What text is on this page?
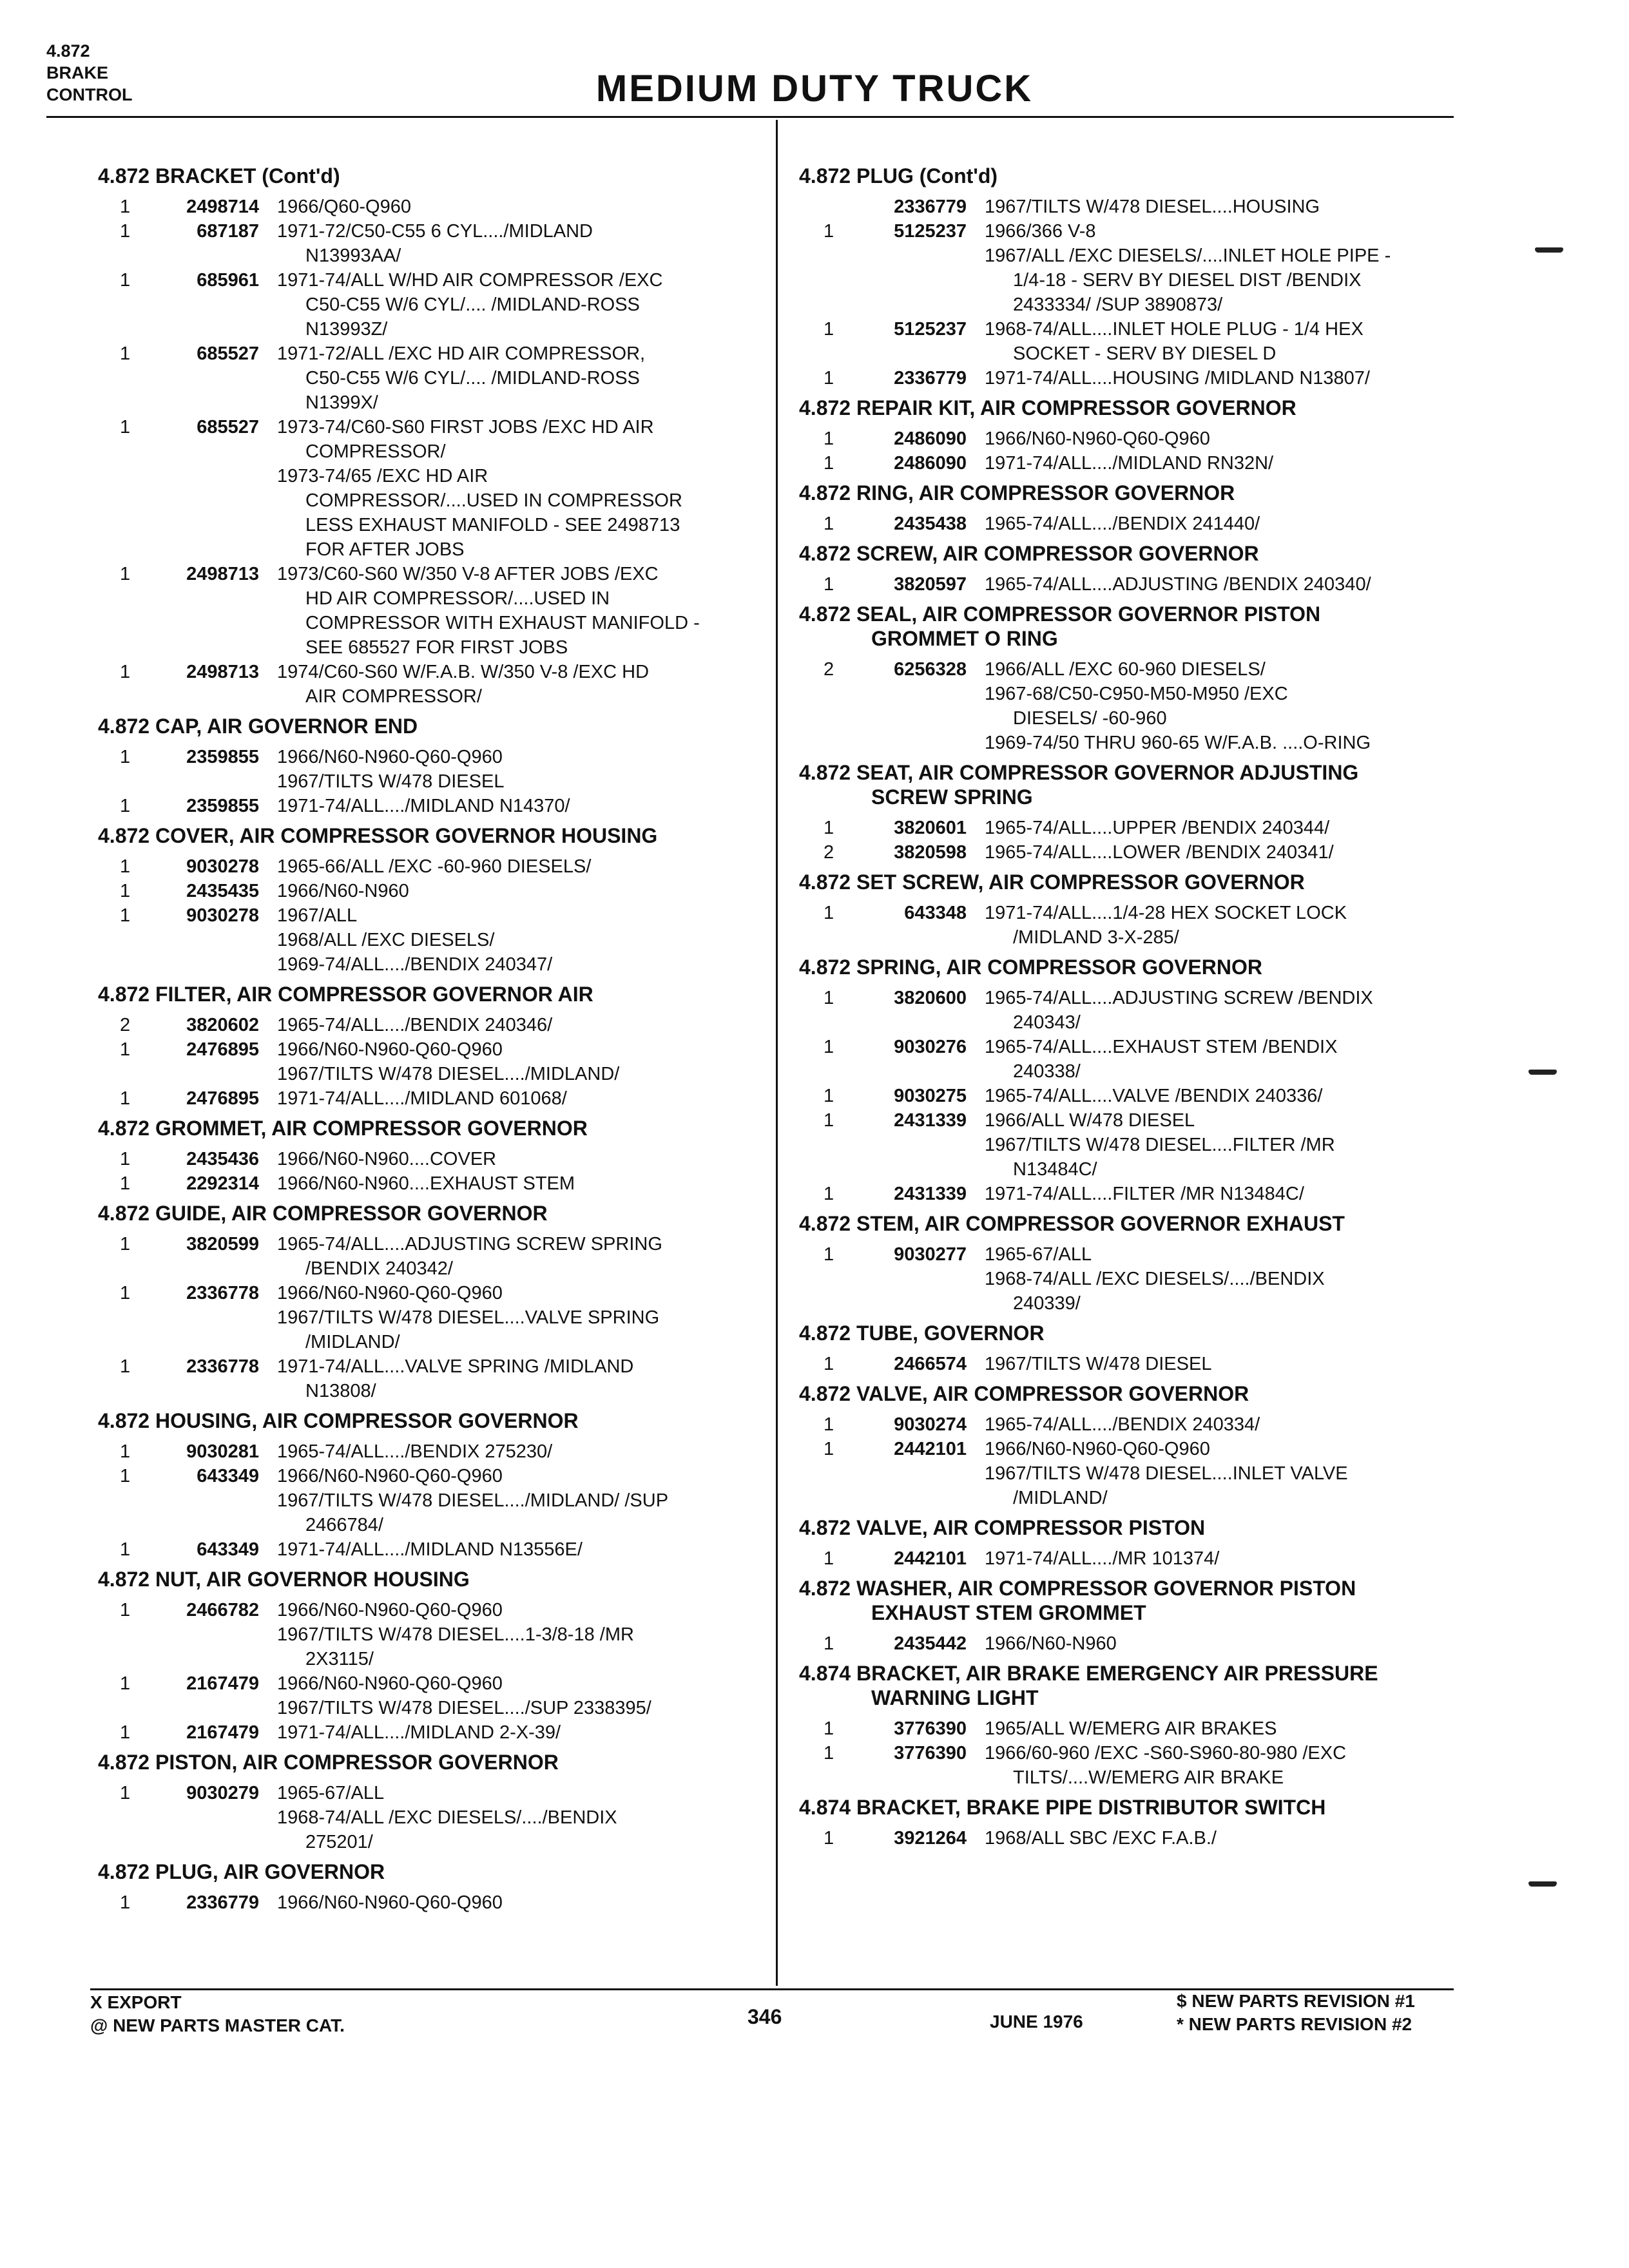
4.872
BRAKE
CONTROL	MEDIUM DUTY TRUCK
4.872 BRACKET (Cont'd)
1	2498714 1966/Q60-Q960
1	687187 1971-72/C50-C55 6 CYL..../MIDLAND
N13993AA/
1	685961 1971-74/ALL W/HD AIR COMPRESSOR /EXC
C50-C55 W/6 CYL/.... /MIDLAND-ROSS
N13993Z/
1	685527 1971-72/ALL /EXC HD AIR COMPRESSOR,
C50-C55 W/6 CYL/.... /MIDLAND-ROSS
N1399X/
1	685527 1973-74/C60-S60 FIRST JOBS /EXC HD AIR
COMPRESSOR/
1973-74/65 /EXC HD AIR
COMPRESSOR/....USED IN COMPRESSOR
LESS EXHAUST MANIFOLD - SEE 2498713
FOR AFTER JOBS
1	2498713 1973/C60-S60 W/350 V-8 AFTER JOBS /EXC
HD AIR COMPRESSOR/....USED IN
COMPRESSOR WITH EXHAUST MANIFOLD -
SEE 685527 FOR FIRST JOBS
1	2498713 1974/C60-S60 W/F.A.B. W/350 V-8 /EXC HD
AIR COMPRESSOR/
4.872 CAP, AIR GOVERNOR END
1	2359855 1966/N60-N960-Q60-Q960
1967/TILTS W/478 DIESEL
1	2359855 1971-74/ALL..../MIDLAND N14370/
4.872 COVER, AIR COMPRESSOR GOVERNOR HOUSING
1	9030278 1965-66/ALL /EXC -60-960 DIESELS/
1	2435435 1966/N60-N960
1	9030278 1967/ALL
1968/ALL /EXC DIESELS/
1969-74/ALL..../BENDIX 240347/
4.872 FILTER, AIR COMPRESSOR GOVERNOR AIR
2	3820602 1965-74/ALL..../BENDIX 240346/
1	2476895 1966/N60-N960-Q60-Q960
1967/TILTS W/478 DIESEL..../MIDLAND/
1	2476895 1971-74/ALL..../MIDLAND 601068/
4.872 GROMMET, AIR COMPRESSOR GOVERNOR
1	2435436 1966/N60-N960....COVER
1	2292314 1966/N60-N960....EXHAUST STEM
4.872 GUIDE, AIR COMPRESSOR GOVERNOR
1	3820599 1965-74/ALL....ADJUSTING SCREW SPRING
/BENDIX 240342/
1	2336778 1966/N60-N960-Q60-Q960
1967/TILTS W/478 DIESEL....VALVE SPRING
/MIDLAND/
1	2336778 1971-74/ALL....VALVE SPRING /MIDLAND
N13808/
4.872 HOUSING, AIR COMPRESSOR GOVERNOR
1	9030281 1965-74/ALL..../BENDIX 275230/
1	643349 1966/N60-N960-Q60-Q960
1967/TILTS W/478 DIESEL..../MIDLAND/ /SUP
2466784/
1	643349 1971-74/ALL..../MIDLAND N13556E/
4.872 NUT, AIR GOVERNOR HOUSING
1	2466782 1966/N60-N960-Q60-Q960
1967/TILTS W/478 DIESEL....1-3/8-18 /MR
2X3115/
1	2167479 1966/N60-N960-Q60-Q960
1967/TILTS W/478 DIESEL..../SUP 2338395/
1	2167479 1971-74/ALL..../MIDLAND 2-X-39/
4.872 PISTON, AIR COMPRESSOR GOVERNOR
1	9030279 1965-67/ALL
1968-74/ALL /EXC DIESELS/..../BENDIX
275201/
4.872 PLUG, AIR GOVERNOR
1	2336779 1966/N60-N960-Q60-Q960
4.872 PLUG (Cont'd)
2336779 1967/TILTS W/478 DIESEL....HOUSING
1	5125237 1966/366 V-8
1967/ALL /EXC DIESELS/....INLET HOLE PIPE -
1/4-18 - SERV BY DIESEL DIST /BENDIX
2433334/ /SUP 3890873/
1	5125237 1968-74/ALL....INLET HOLE PLUG - 1/4 HEX
SOCKET - SERV BY DIESEL D
1	2336779 1971-74/ALL....HOUSING /MIDLAND N13807/
4.872 REPAIR KIT, AIR COMPRESSOR GOVERNOR
1	2486090 1966/N60-N960-Q60-Q960
1	2486090 1971-74/ALL..../MIDLAND RN32N/
4.872 RING, AIR COMPRESSOR GOVERNOR
1	2435438 1965-74/ALL..../BENDIX 241440/
4.872 SCREW, AIR COMPRESSOR GOVERNOR
1	3820597 1965-74/ALL....ADJUSTING /BENDIX 240340/
4.872 SEAL, AIR COMPRESSOR GOVERNOR PISTON
GROMMET O RING
2	6256328 1966/ALL /EXC 60-960 DIESELS/
1967-68/C50-C950-M50-M950 /EXC
DIESELS/ -60-960
1969-74/50 THRU 960-65 W/F.A.B. ....O-RING
4.872 SEAT, AIR COMPRESSOR GOVERNOR ADJUSTING
SCREW SPRING
1	3820601 1965-74/ALL....UPPER /BENDIX 240344/
2	3820598 1965-74/ALL....LOWER /BENDIX 240341/
4.872 SET SCREW, AIR COMPRESSOR GOVERNOR
1	643348 1971-74/ALL....1/4-28 HEX SOCKET LOCK
/MIDLAND 3-X-285/
4.872 SPRING, AIR COMPRESSOR GOVERNOR
1	3820600 1965-74/ALL....ADJUSTING SCREW /BENDIX
240343/
1	9030276 1965-74/ALL....EXHAUST STEM /BENDIX
240338/
1	9030275 1965-74/ALL....VALVE /BENDIX 240336/
1	2431339 1966/ALL W/478 DIESEL
1967/TILTS W/478 DIESEL....FILTER /MR
N13484C/
1	2431339 1971-74/ALL....FILTER /MR N13484C/
4.872 STEM, AIR COMPRESSOR GOVERNOR EXHAUST
1	9030277 1965-67/ALL
1968-74/ALL /EXC DIESELS/..../BENDIX
240339/
4.872 TUBE, GOVERNOR
1	2466574 1967/TILTS W/478 DIESEL
4.872 VALVE, AIR COMPRESSOR GOVERNOR
1	9030274 1965-74/ALL..../BENDIX 240334/
1	2442101 1966/N60-N960-Q60-Q960
1967/TILTS W/478 DIESEL....INLET VALVE
/MIDLAND/
4.872 VALVE, AIR COMPRESSOR PISTON
1	2442101 1971-74/ALL..../MR 101374/
4.872 WASHER, AIR COMPRESSOR GOVERNOR PISTON
EXHAUST STEM GROMMET
1	2435442 1966/N60-N960
4.874 BRACKET, AIR BRAKE EMERGENCY AIR PRESSURE
WARNING LIGHT
1	3776390 1965/ALL W/EMERG AIR BRAKES
1	3776390 1966/60-960 /EXC -S60-S960-80-980 /EXC
TILTS/....W/EMERG AIR BRAKE
4.874 BRACKET, BRAKE PIPE DISTRIBUTOR SWITCH
1	3921264 1968/ALL SBC /EXC F.A.B./
X EXPORT
@ NEW PARTS MASTER CAT.	346	JUNE 1976
$ NEW PARTS REVISION #1
* NEW PARTS REVISION #2
